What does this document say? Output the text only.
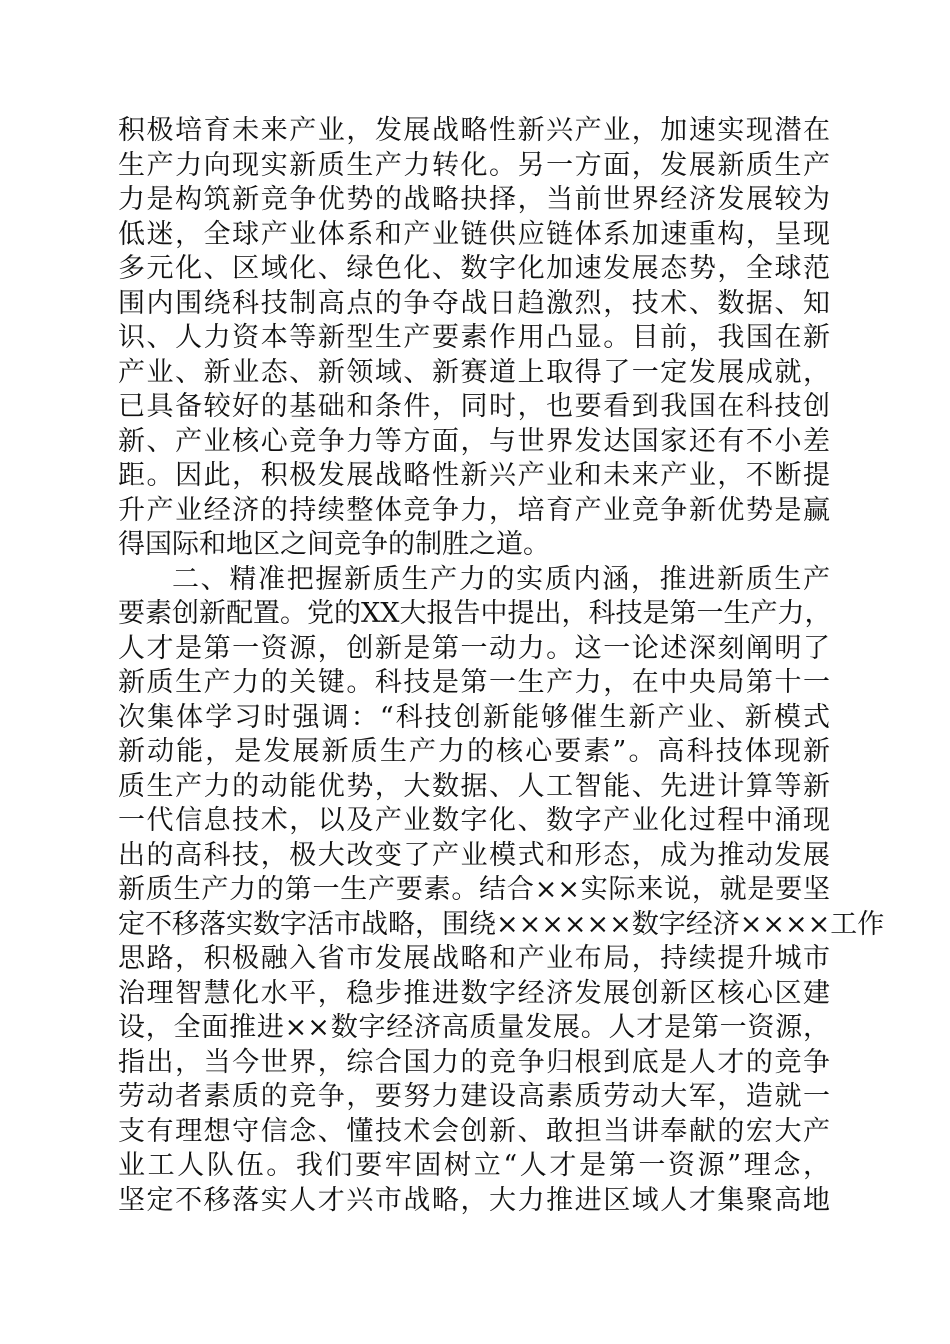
积极培育未来产业，发展战略性新兴产业，加速实现潜在
生产力向现实新质生产力转化。另一方面，发展新质生产
力是构筑新竞争优势的战略抉择，当前世界经济发展较为
低迷，全球产业体系和产业链供应链体系加速重构，呈现
多元化、区域化、绿色化、数字化加速发展态势，全球范
围内围绕科技制高点的争夺战日趋激烈，技术、数据、知
识、人力资本等新型生产要素作用凸显。目前，我国在新
产业、新业态、新领域、新赛道上取得了一定发展成就，
已具备较好的基础和条件，同时，也要看到我国在科技创
新、产业核心竞争力等方面，与世界发达国家还有不小差
距。因此，积极发展战略性新兴产业和未来产业，不断提
升产业经济的持续整体竞争力，培育产业竞争新优势是赢
得国际和地区之间竞争的制胜之道。
二、精准把握新质生产力的实质内涵，推进新质生产
要素创新配置。党的XX大报告中提出，科技是第一生产力，
人才是第一资源，创新是第一动力。这一论述深刻阐明了
新质生产力的关键。科技是第一生产力，在中央局第十一
次集体学习时强调：“科技创新能够催生新产业、新模式
新动能，是发展新质生产力的核心要素”。高科技体现新
质生产力的动能优势，大数据、人工智能、先进计算等新
一代信息技术，以及产业数字化、数字产业化过程中涌现
出的高科技，极大改变了产业模式和形态，成为推动发展
新质生产力的第一生产要素。结合××实际来说，就是要坚
定不移落实数字活市战略，围绕××××××数字经济××××工作
思路，积极融入省市发展战略和产业布局，持续提升城市
治理智慧化水平，稳步推进数字经济发展创新区核心区建
设，全面推进××数字经济高质量发展。人才是第一资源，
指出，当今世界，综合国力的竞争归根到底是人才的竞争
劳动者素质的竞争，要努力建设高素质劳动大军，造就一
支有理想守信念、懂技术会创新、敢担当讲奉献的宏大产
业工人队伍。我们要牢固树立“人才是第一资源”理念，
坚定不移落实人才兴市战略，大力推进区域人才集聚高地
